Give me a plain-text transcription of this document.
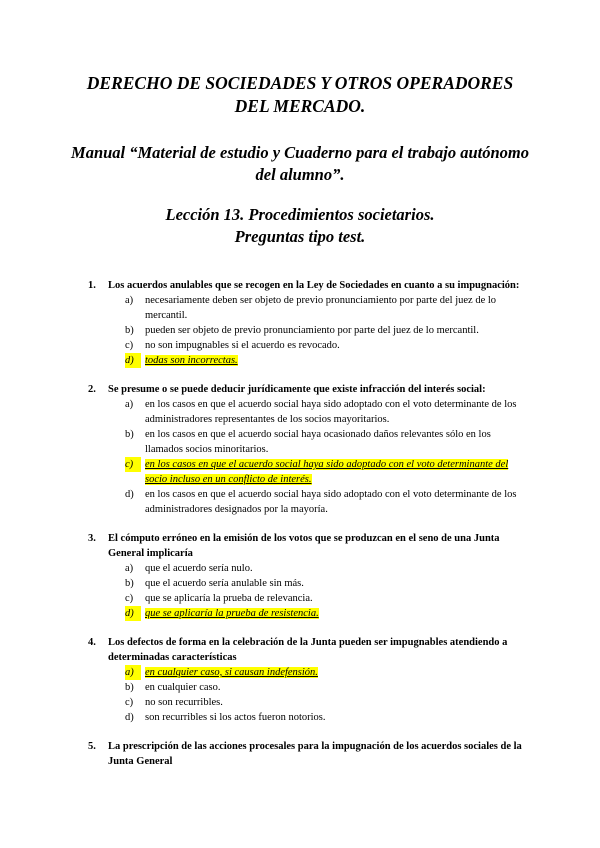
DERECHO DE SOCIEDADES Y OTROS OPERADORES
DEL MERCADO.
Manual “Material de estudio y Cuaderno para el trabajo autónomo
del alumno”.
Lección 13. Procedimientos societarios.
Preguntas tipo test.
1. Los acuerdos anulables que se recogen en la Ley de Sociedades en cuanto a su impugnación:
a)	necesariamente deben ser objeto de previo pronunciamiento por parte del juez de lo mercantil.
b)	pueden ser objeto de previo pronunciamiento por parte del juez de lo mercantil.
c)	no son impugnables si el acuerdo es revocado.
d)	todas son incorrectas.
2. Se presume o se puede deducir jurídicamente que existe infracción del interés social:
a)	en los casos en que el acuerdo social haya sido adoptado con el voto determinante de los administradores representantes de los socios mayoritarios.
b)	en los casos en que el acuerdo social haya ocasionado daños relevantes sólo en los llamados socios minoritarios.
c)	en los casos en que el acuerdo social haya sido adoptado con el voto determinante del socio incluso en un conflicto de interés.
d)	en los casos en que el acuerdo social haya sido adoptado con el voto determinante de los administradores designados por la mayoría.
3. El cómputo erróneo en la emisión de los votos que se produzcan en el seno de una Junta General implicaría
a)	que el acuerdo sería nulo.
b)	que el acuerdo sería anulable sin más.
c)	que se aplicaría la prueba de relevancia.
d)	que se aplicaría la prueba de resistencia.
4. Los defectos de forma en la celebración de la Junta pueden ser impugnables atendiendo a determinadas características
a)	en cualquier caso, si causan indefensión.
b)	en cualquier caso.
c)	no son recurribles.
d)	son recurribles si los actos fueron notorios.
5. La prescripción de las acciones procesales para la impugnación de los acuerdos sociales de la Junta General
